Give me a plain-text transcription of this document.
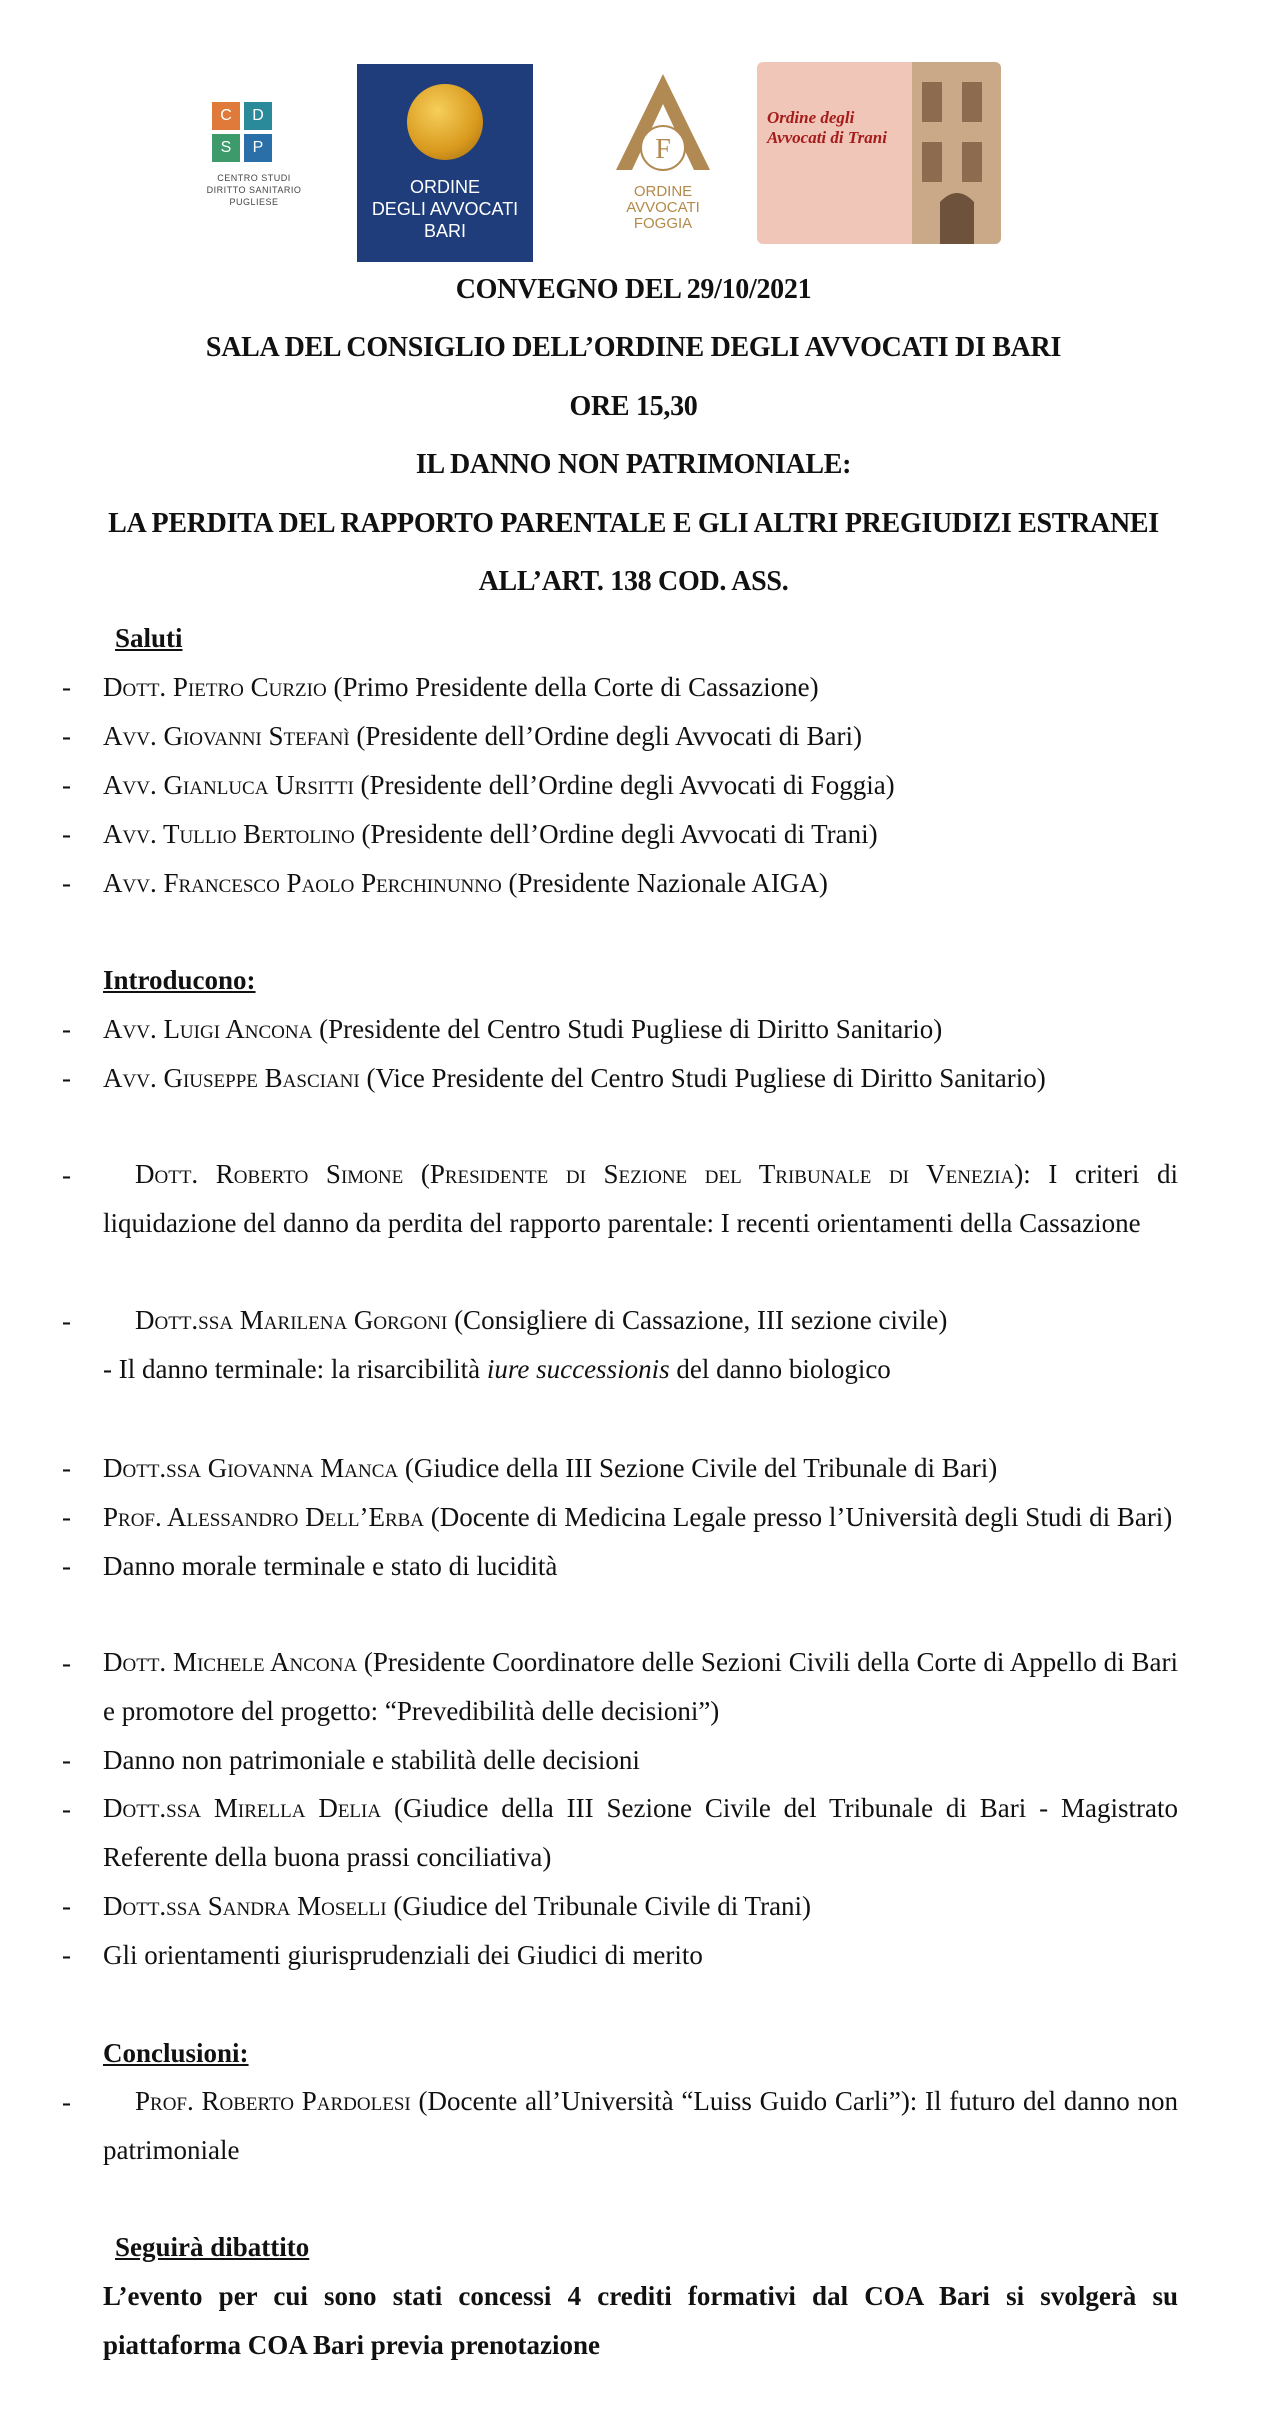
C	D
S	P
CENTRO STUDI
DIRITTO SANITARIO
PUGLIESE
ORDINE
DEGLI AVVOCATI
BARI
F
ORDINE
AVVOCATI
FOGGIA
Ordine degli Avvocati di Trani
CONVEGNO DEL 29/10/2021
SALA DEL CONSIGLIO DELL’ORDINE DEGLI AVVOCATI DI BARI
ORE 15,30
IL DANNO NON PATRIMONIALE:
LA PERDITA DEL RAPPORTO PARENTALE E GLI ALTRI PREGIUDIZI ESTRANEI
ALL’ART. 138 COD. ASS.
Saluti
- Dott. Pietro Curzio (Primo Presidente della Corte di Cassazione)
- Avv. Giovanni Stefanì (Presidente dell’Ordine degli Avvocati di Bari)
- Avv. Gianluca Ursitti (Presidente dell’Ordine degli Avvocati di Foggia)
- Avv. Tullio Bertolino (Presidente dell’Ordine degli Avvocati di Trani)
- Avv. Francesco Paolo Perchinunno (Presidente Nazionale AIGA)
Introducono:
- Avv. Luigi Ancona (Presidente del Centro Studi Pugliese di Diritto Sanitario)
- Avv. Giuseppe Basciani (Vice Presidente del Centro Studi Pugliese di Diritto Sanitario)
-	Dott. Roberto Simone (Presidente di Sezione del Tribunale di Venezia): I criteri di liquidazione del danno da perdita del rapporto parentale: I recenti orientamenti della Cassazione
-	Dott.ssa Marilena Gorgoni (Consigliere di Cassazione, III sezione civile)
- Il danno terminale: la risarcibilità iure successionis del danno biologico
- Dott.ssa Giovanna Manca (Giudice della III Sezione Civile del Tribunale di Bari)
- Prof. Alessandro Dell’Erba (Docente di Medicina Legale presso l’Università degli Studi di Bari)
- Danno morale terminale e stato di lucidità
- Dott. Michele Ancona (Presidente Coordinatore delle Sezioni Civili della Corte di Appello di Bari e promotore del progetto: “Prevedibilità delle decisioni”)
- Danno non patrimoniale e stabilità delle decisioni
- Dott.ssa Mirella Delia (Giudice della III Sezione Civile del Tribunale di Bari - Magistrato Referente della buona prassi conciliativa)
- Dott.ssa Sandra Moselli (Giudice del Tribunale Civile di Trani)
- Gli orientamenti giurisprudenziali dei Giudici di merito
Conclusioni:
-	Prof. Roberto Pardolesi (Docente all’Università “Luiss Guido Carli”): Il futuro del danno non patrimoniale
Seguirà dibattito
L’evento per cui sono stati concessi 4 crediti formativi dal COA Bari si svolgerà su piattaforma COA Bari previa prenotazione
